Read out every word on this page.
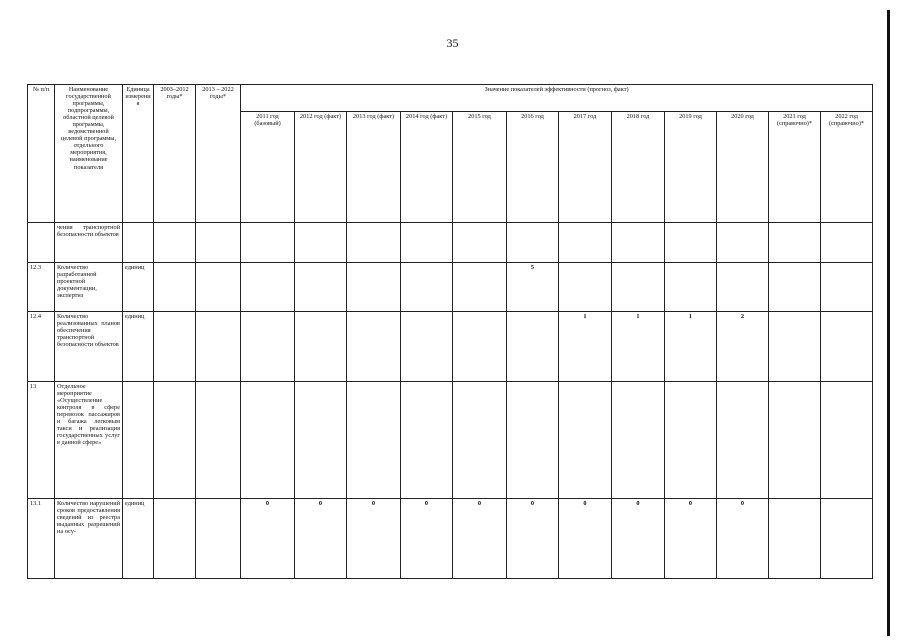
35
№ п/п	Наименование государственной программы, подпрограммы, областной целевой программы, ведомственной целевой программы, отдельного мероприятия, наименование показателя	Единица измерения	2003–2012 годы*	2013 – 2022 годы*	Значение показателей эффективности (прогноз, факт)											
					2011 год (базовый)	2012 год (факт)	2013 год (факт)	2014 год (факт)	2015 год	2016 год	2017 год	2018 год	2019 год	2020 год	2021 год (справочно)*	2022 год (справочно)*
	чения транспортной безопасности объектов															
12.3	Количество разработанной проектной документации, экспертиз	единиц								5						
12.4	Количество реализованных планов обеспечения транспортной безопасности объектов	единиц									1	1	1	2		
13	Отдельное мероприятие «Осуществление контроля в сфере перевозок пассажиров и багажа легковым такси и реализация государственных услуг в данной сфере»															
13.1	Количество нарушений сроков предоставления сведений из реестра выданных разрешений на осу-	единиц			0	0	0	0	0	0	0	0	0	0		
